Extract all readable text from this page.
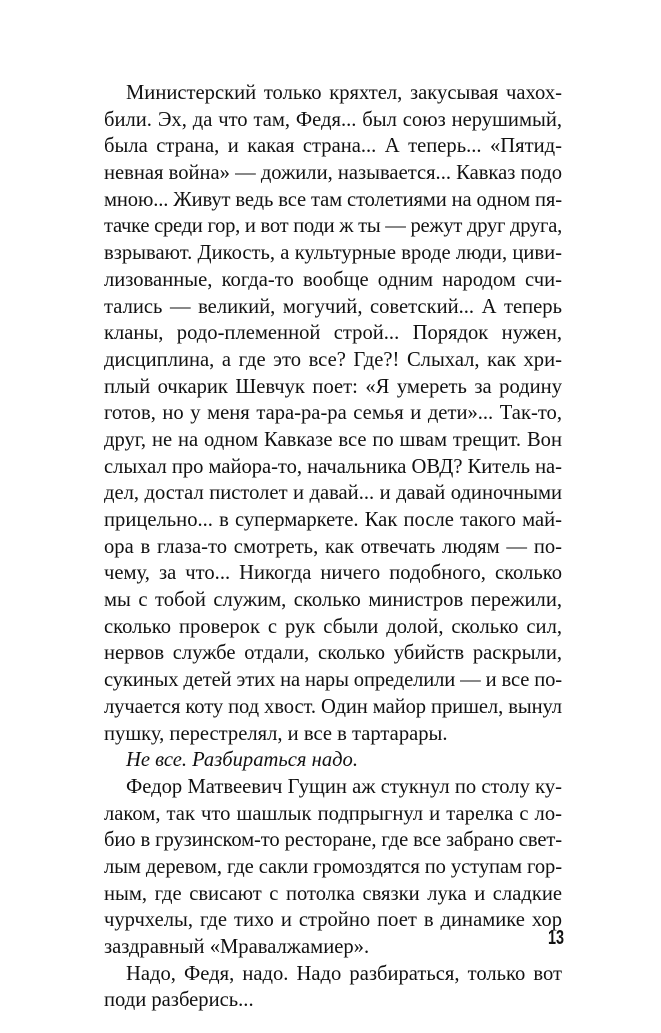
Министерский только кряхтел, закусывая чахох-
били. Эх, да что там, Федя... был союз нерушимый,
была страна, и какая страна... А теперь... «Пятид-
невная война» — дожили, называется... Кавказ подо
мною... Живут ведь все там столетиями на одном пя-
тачке среди гор, и вот поди ж ты — режут друг друга,
взрывают. Дикость, а культурные вроде люди, циви-
лизованные, когда-то вообще одним народом счи-
тались — великий, могучий, советский... А теперь
кланы, родо-племенной строй... Порядок нужен,
дисциплина, а где это все? Где?! Слыхал, как хри-
плый очкарик Шевчук поет: «Я умереть за родину
готов, но у меня тара-ра-ра семья и дети»... Так-то,
друг, не на одном Кавказе все по швам трещит. Вон
слыхал про майора-то, начальника ОВД? Китель на-
дел, достал пистолет и давай... и давай одиночными
прицельно... в супермаркете. Как после такого май-
ора в глаза-то смотреть, как отвечать людям — по-
чему, за что... Никогда ничего подобного, сколько
мы с тобой служим, сколько министров пережили,
сколько проверок с рук сбыли долой, сколько сил,
нервов службе отдали, сколько убийств раскрыли,
сукиных детей этих на нары определили — и все по-
лучается коту под хвост. Один майор пришел, вынул
пушку, перестрелял, и все в тартарары.
Не все. Разбираться надо.
Федор Матвеевич Гущин аж стукнул по столу ку-
лаком, так что шашлык подпрыгнул и тарелка с ло-
био в грузинском-то ресторане, где все забрано свет-
лым деревом, где сакли громоздятся по уступам гор-
ным, где свисают с потолка связки лука и сладкие
чурчхелы, где тихо и стройно поет в динамике хор
заздравный «Мравалжамиер».
Надо, Федя, надо. Надо разбираться, только вот
поди разберись...
13
